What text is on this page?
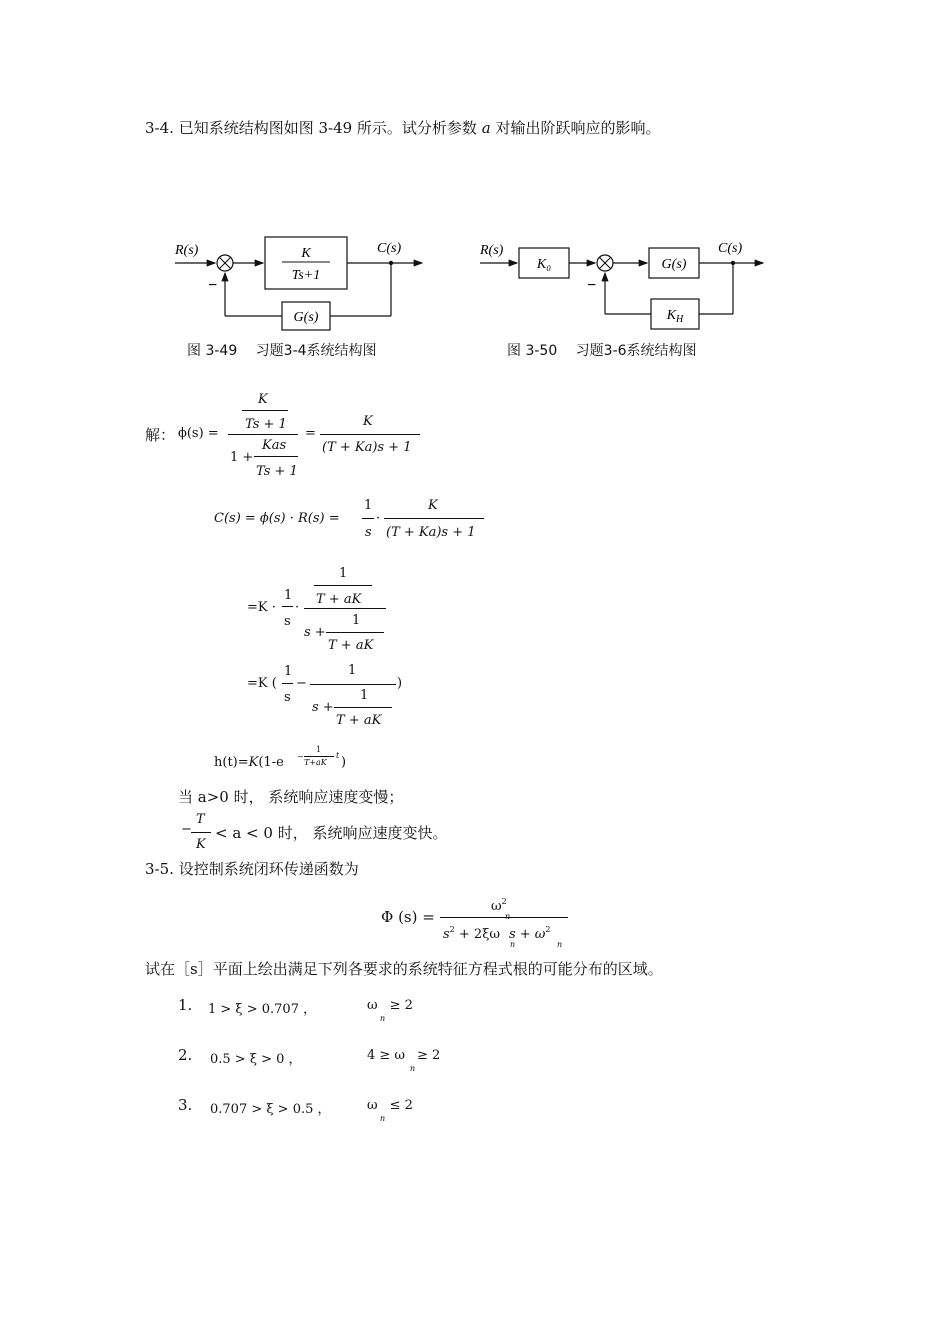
3-4. 已知系统结构图如图 3-49 所示。试分析参数 a 对输出阶跃响应的影响。
R(s)	K
Ts+1
C(s)
G(s)
−
图 3-49　 习题3-4系统结构图
R(s)
K₀	G(s)
C(s)
$K_H$
−
图 3-50　 习题3-6系统结构图
解： ϕ(s) =
K
Ts + 1
1 +
Kas
Ts + 1
=
K
(T + Ka)s + 1
C(s) = ϕ(s) · R(s) =
1
s
·
K
(T + Ka)s + 1
=K ·
1
s
·
1
T + aK
s +
1
T + aK
=K (
1
s
−
1
s +
1
T + aK
)
h(t)=K(1-e −
1
T+aK
t )
当 a>0 时， 系统响应速度变慢；
−
T
K
< a < 0 时， 系统响应速度变快。
3-5. 设控制系统闭环传递函数为
Φ (s) =
$\omega^2$
n
$s^2 + 2\xi\omega$ $s + \omega^2$
n	n
试在［s］平面上绘出满足下列各要求的系统特征方程式根的可能分布的区域。
1. 1 > ξ > 0.707 ，	ω ≥ 2
n
2. 0.5 > ξ > 0 ，	4 ≥ ω ≥ 2
n
3. 0.707 > ξ > 0.5 ，	ω ≤ 2
n
